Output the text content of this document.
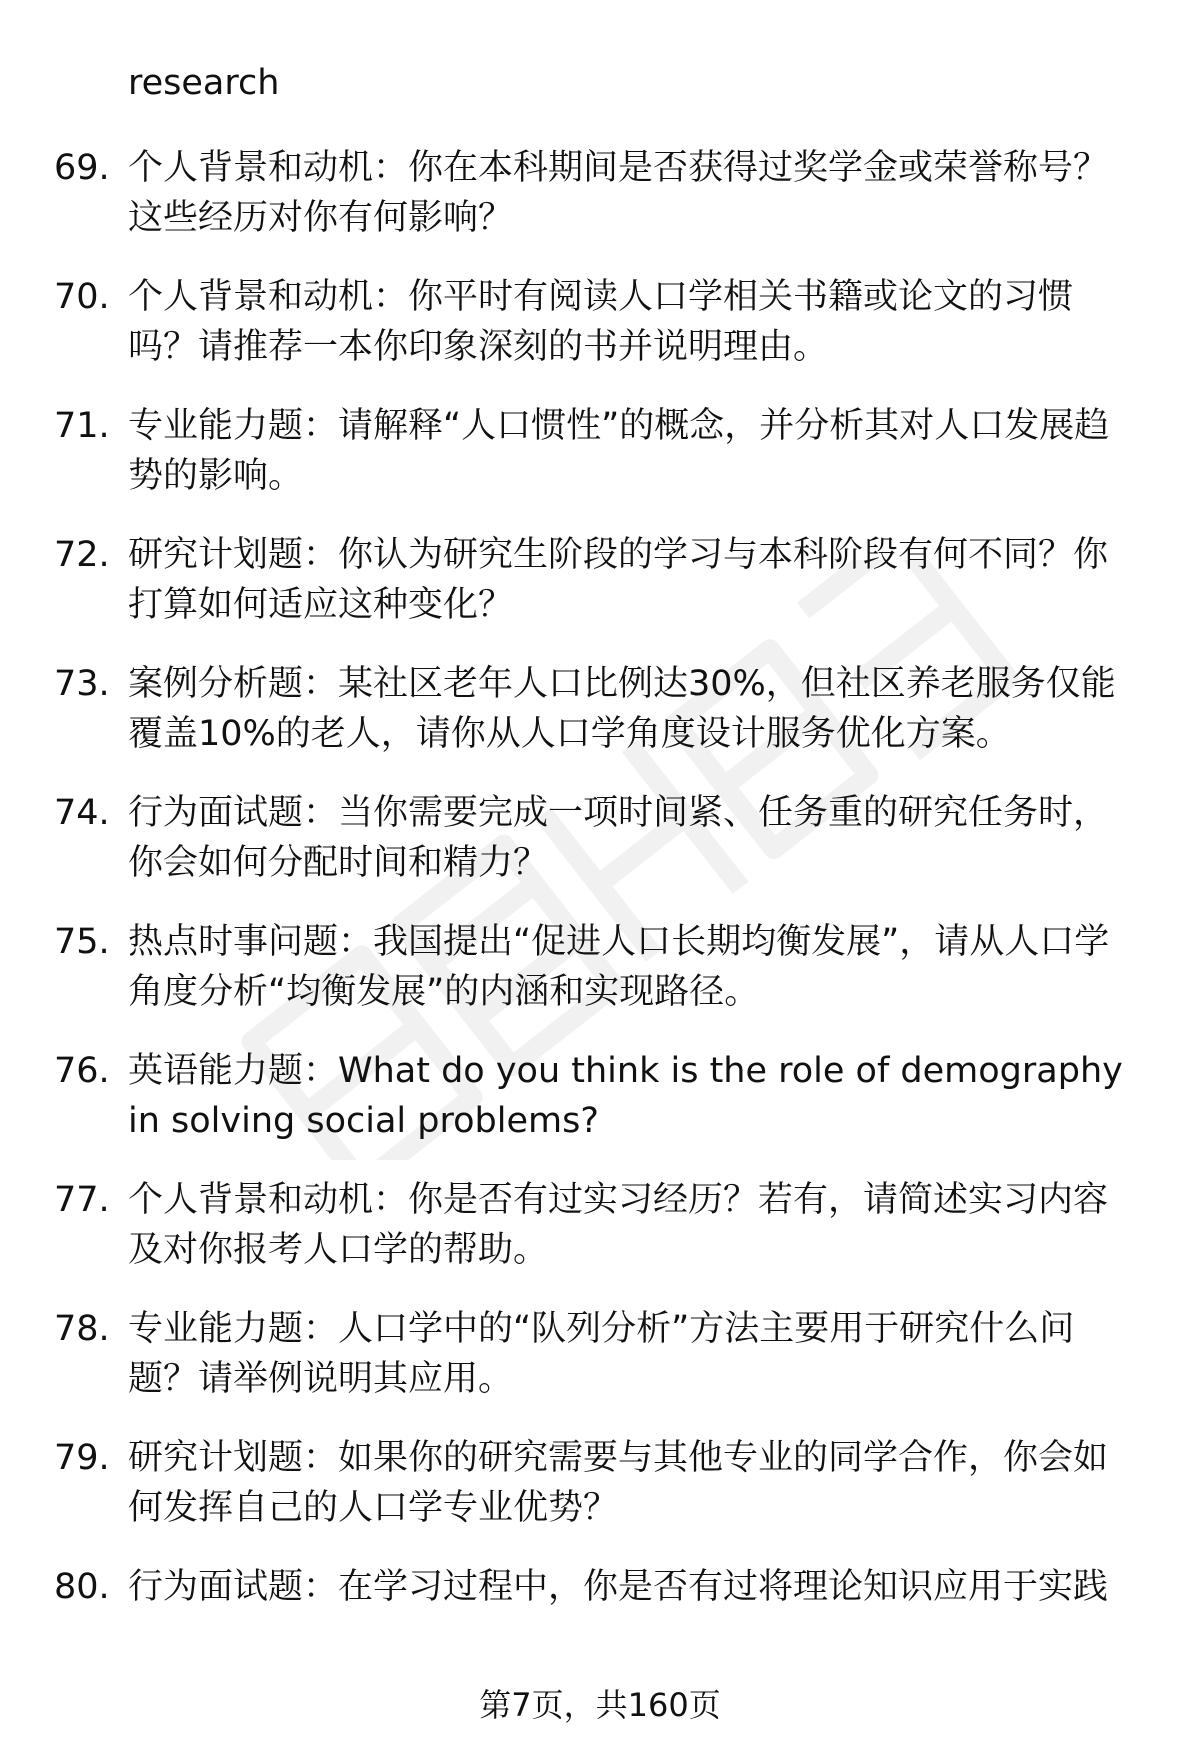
research
69. 个人背景和动机：你在本科期间是否获得过奖学金或荣誉称号？这些经历对你有何影响？
70. 个人背景和动机：你平时有阅读人口学相关书籍或论文的习惯吗？请推荐一本你印象深刻的书并说明理由。
71. 专业能力题：请解释“人口惯性”的概念，并分析其对人口发展趋势的影响。
72. 研究计划题：你认为研究生阶段的学习与本科阶段有何不同？你打算如何适应这种变化？
73. 案例分析题：某社区老年人口比例达30%，但社区养老服务仅能覆盖10%的老人，请你从人口学角度设计服务优化方案。
74. 行为面试题：当你需要完成一项时间紧、任务重的研究任务时，你会如何分配时间和精力？
75. 热点时事问题：我国提出“促进人口长期均衡发展”，请从人口学角度分析“均衡发展”的内涵和实现路径。
76. 英语能力题：What do you think is the role of demography in solving social problems?
77. 个人背景和动机：你是否有过实习经历？若有，请简述实习内容及对你报考人口学的帮助。
78. 专业能力题：人口学中的“队列分析”方法主要用于研究什么问题？请举例说明其应用。
79. 研究计划题：如果你的研究需要与其他专业的同学合作，你会如何发挥自己的人口学专业优势？
80. 行为面试题：在学习过程中，你是否有过将理论知识应用于实践
第7页，共160页
